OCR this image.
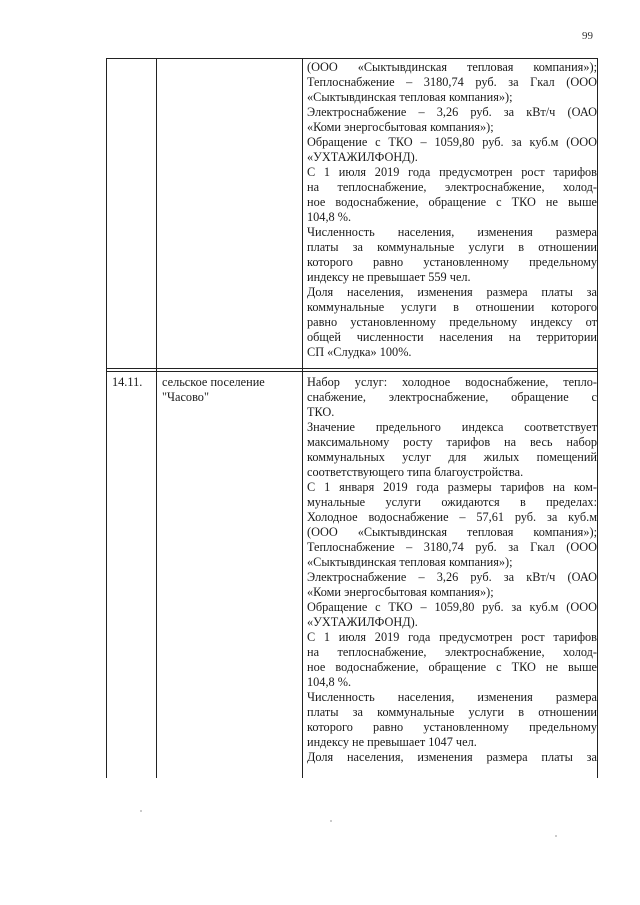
99
(ООО «Сыктывдинская тепловая компания»);
Теплоснабжение – 3180,74 руб. за Гкал (ООО
«Сыктывдинская тепловая компания»);
Электроснабжение – 3,26 руб. за кВт/ч (ОАО
«Коми энергосбытовая компания»);
Обращение с ТКО – 1059,80 руб. за куб.м (ООО
«УХТАЖИЛФОНД).
С 1 июля 2019 года предусмотрен рост тарифов
на теплоснабжение, электроснабжение, холод-
ное водоснабжение, обращение с ТКО не выше
104,8 %.
Численность населения, изменения размера
платы за коммунальные услуги в отношении
которого равно установленному предельному
индексу не превышает 559 чел.
Доля населения, изменения размера платы за
коммунальные услуги в отношении которого
равно установленному предельному индексу от
общей численности населения на территории
СП «Слудка» 100%.
14.11. сельское поселение
"Часово"
Набор услуг: холодное водоснабжение, тепло-
снабжение, электроснабжение, обращение с
ТКО.
Значение предельного индекса соответствует
максимальному росту тарифов на весь набор
коммунальных услуг для жилых помещений
соответствующего типа благоустройства.
С 1 января 2019 года размеры тарифов на ком-
мунальные услуги ожидаются в пределах:
Холодное водоснабжение – 57,61 руб. за куб.м
(ООО «Сыктывдинская тепловая компания»);
Теплоснабжение – 3180,74 руб. за Гкал (ООО
«Сыктывдинская тепловая компания»);
Электроснабжение – 3,26 руб. за кВт/ч (ОАО
«Коми энергосбытовая компания»);
Обращение с ТКО – 1059,80 руб. за куб.м (ООО
«УХТАЖИЛФОНД).
С 1 июля 2019 года предусмотрен рост тарифов
на теплоснабжение, электроснабжение, холод-
ное водоснабжение, обращение с ТКО не выше
104,8 %.
Численность населения, изменения размера
платы за коммунальные услуги в отношении
которого равно установленному предельному
индексу не превышает 1047 чел.
Доля населения, изменения размера платы за
